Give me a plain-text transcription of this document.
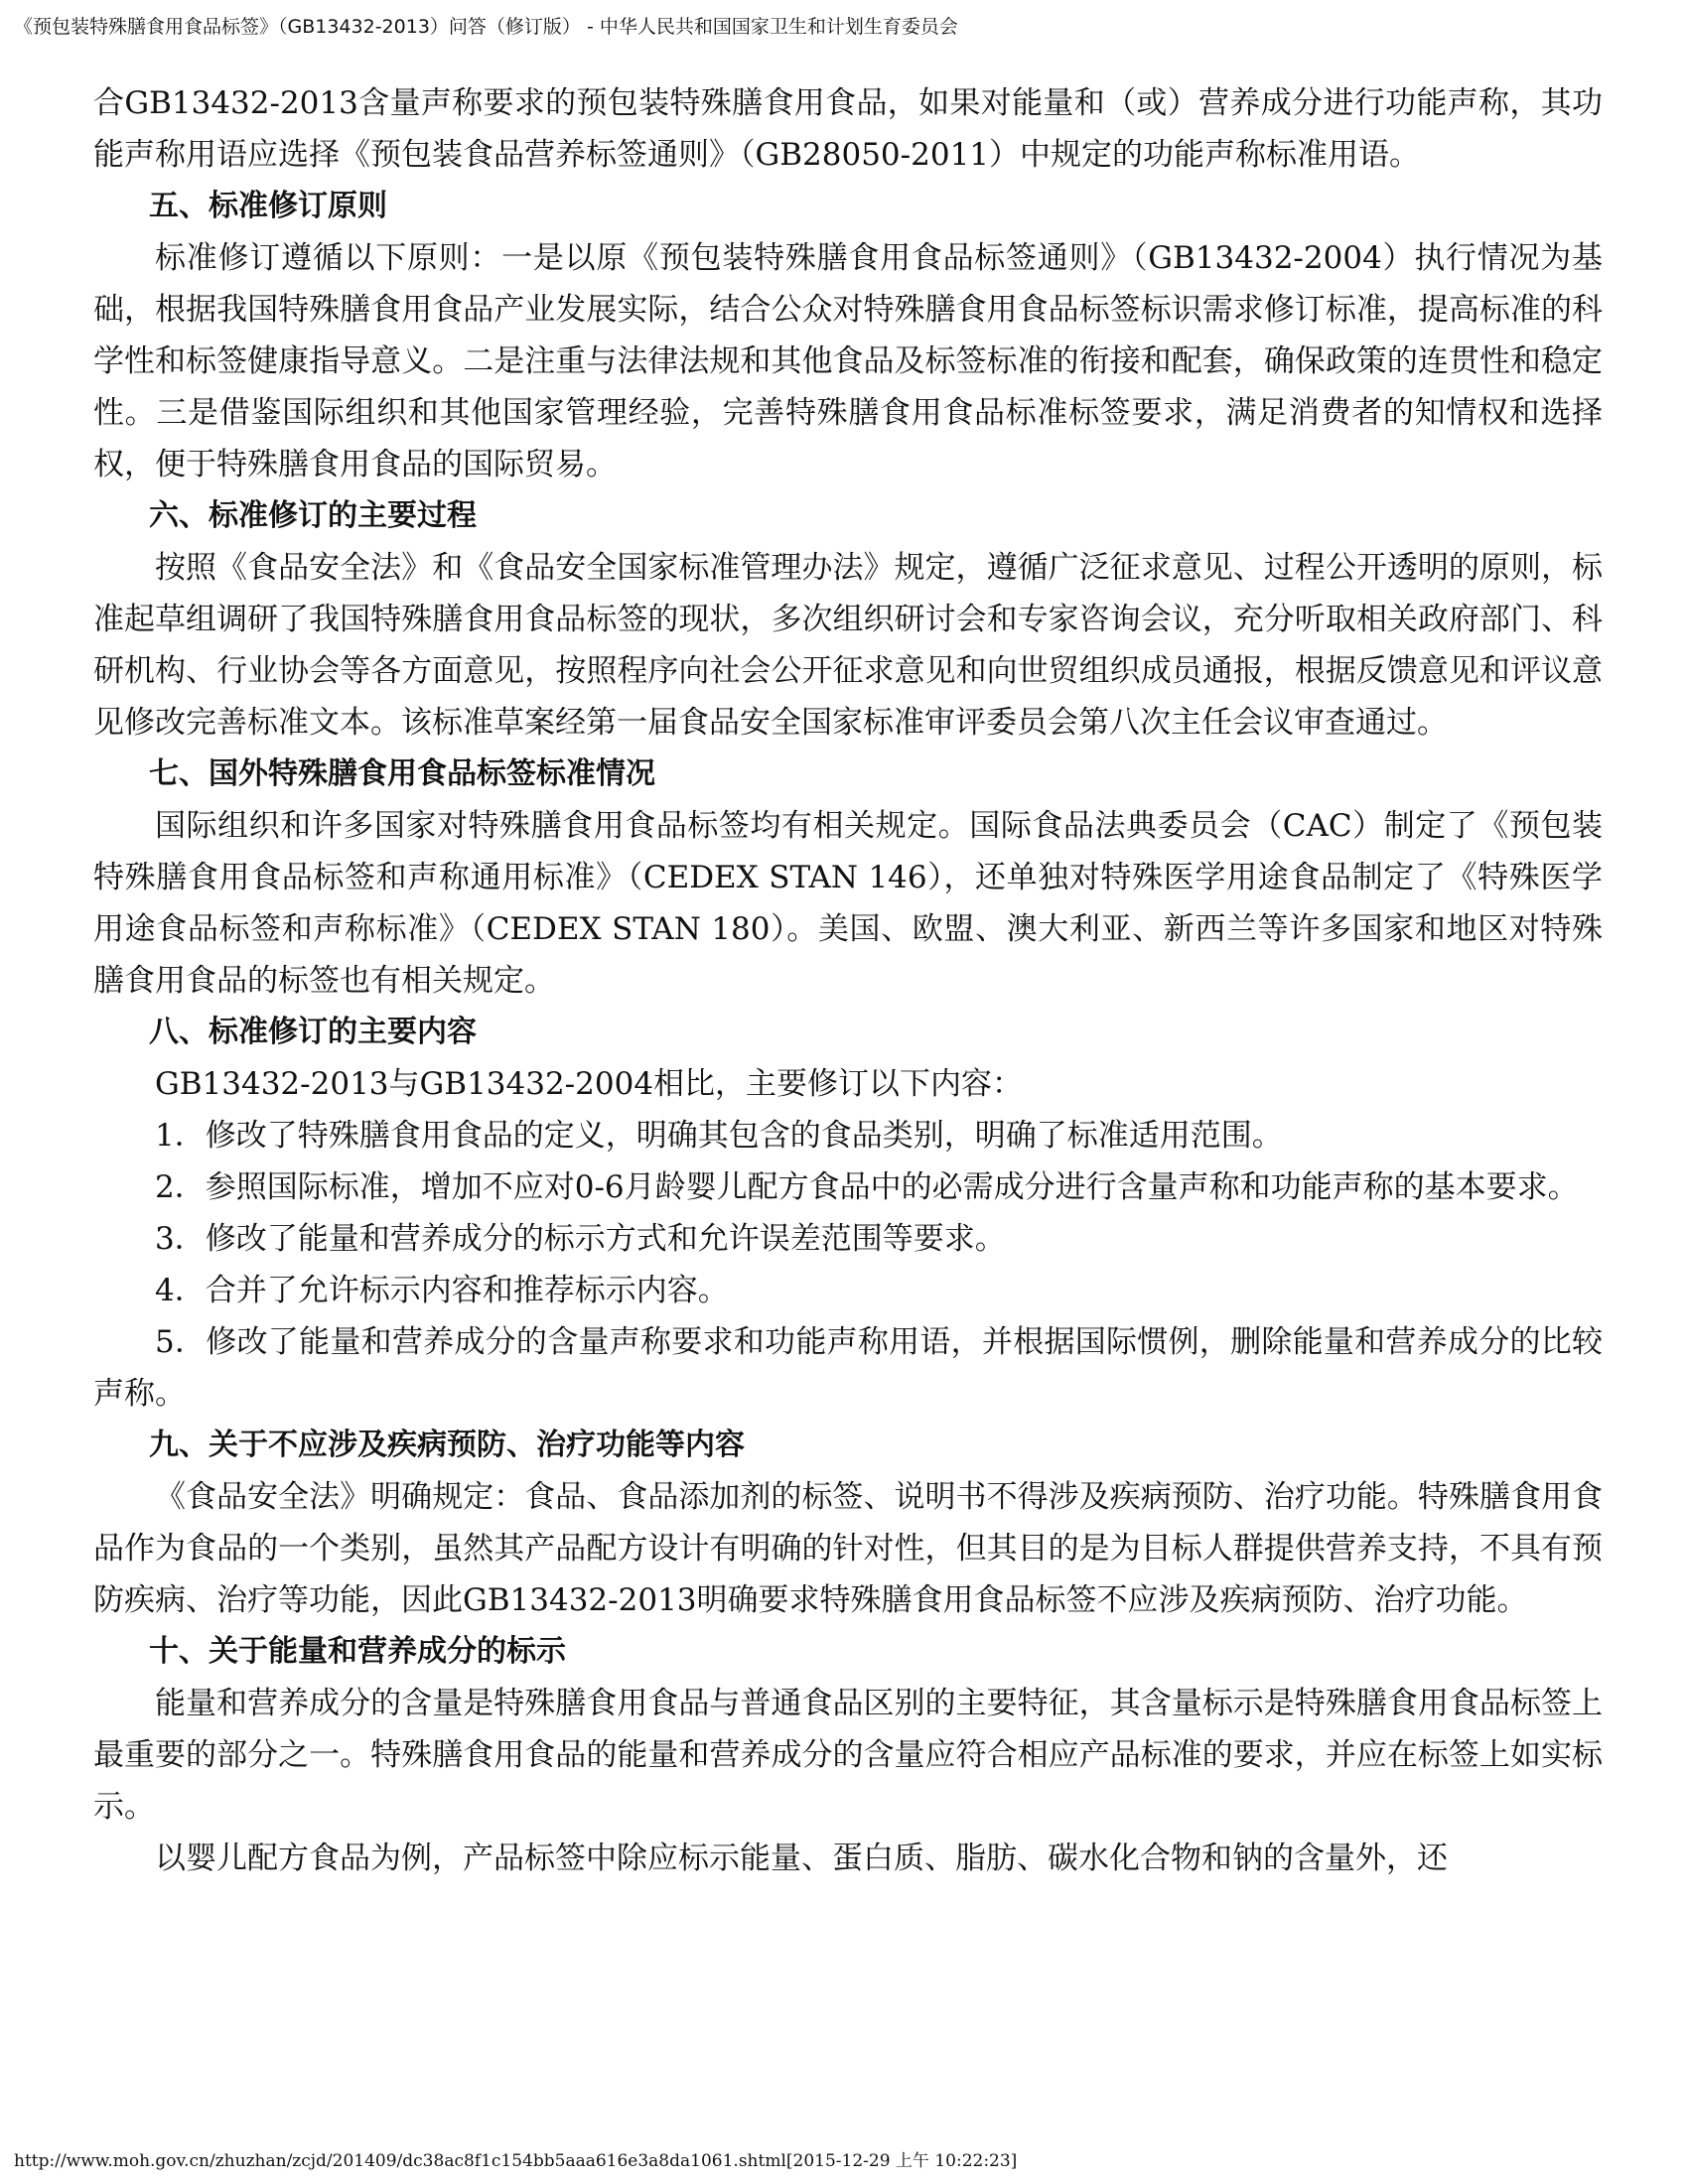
《预包装特殊膳食用食品标签》（GB13432-2013）问答（修订版） - 中华人民共和国国家卫生和计划生育委员会

合GB13432-2013含量声称要求的预包装特殊膳食用食品，如果对能量和（或）营养成分进行功能声称，其功能声称用语应选择《预包装食品营养标签通则》（GB28050-2011）中规定的功能声称标准用语。

五、标准修订原则

标准修订遵循以下原则：一是以原《预包装特殊膳食用食品标签通则》（GB13432-2004）执行情况为基础，根据我国特殊膳食用食品产业发展实际，结合公众对特殊膳食用食品标签标识需求修订标准，提高标准的科学性和标签健康指导意义。二是注重与法律法规和其他食品及标签标准的衔接和配套，确保政策的连贯性和稳定性。三是借鉴国际组织和其他国家管理经验，完善特殊膳食用食品标准标签要求，满足消费者的知情权和选择权，便于特殊膳食用食品的国际贸易。

六、标准修订的主要过程

按照《食品安全法》和《食品安全国家标准管理办法》规定，遵循广泛征求意见、过程公开透明的原则，标准起草组调研了我国特殊膳食用食品标签的现状，多次组织研讨会和专家咨询会议，充分听取相关政府部门、科研机构、行业协会等各方面意见，按照程序向社会公开征求意见和向世贸组织成员通报，根据反馈意见和评议意见修改完善标准文本。该标准草案经第一届食品安全国家标准审评委员会第八次主任会议审查通过。

七、国外特殊膳食用食品标签标准情况

国际组织和许多国家对特殊膳食用食品标签均有相关规定。国际食品法典委员会（CAC）制定了《预包装特殊膳食用食品标签和声称通用标准》（CEDEX STAN 146），还单独对特殊医学用途食品制定了《特殊医学用途食品标签和声称标准》（CEDEX STAN 180）。美国、欧盟、澳大利亚、新西兰等许多国家和地区对特殊膳食用食品的标签也有相关规定。

八、标准修订的主要内容

GB13432-2013与GB13432-2004相比，主要修订以下内容：

1．修改了特殊膳食用食品的定义，明确其包含的食品类别，明确了标准适用范围。

2．参照国际标准，增加不应对0-6月龄婴儿配方食品中的必需成分进行含量声称和功能声称的基本要求。

3．修改了能量和营养成分的标示方式和允许误差范围等要求。

4．合并了允许标示内容和推荐标示内容。

5．修改了能量和营养成分的含量声称要求和功能声称用语，并根据国际惯例，删除能量和营养成分的比较声称。

九、关于不应涉及疾病预防、治疗功能等内容

《食品安全法》明确规定：食品、食品添加剂的标签、说明书不得涉及疾病预防、治疗功能。特殊膳食用食品作为食品的一个类别，虽然其产品配方设计有明确的针对性，但其目的是为目标人群提供营养支持，不具有预防疾病、治疗等功能，因此GB13432-2013明确要求特殊膳食用食品标签不应涉及疾病预防、治疗功能。

十、关于能量和营养成分的标示

能量和营养成分的含量是特殊膳食用食品与普通食品区别的主要特征，其含量标示是特殊膳食用食品标签上最重要的部分之一。特殊膳食用食品的能量和营养成分的含量应符合相应产品标准的要求，并应在标签上如实标示。

以婴儿配方食品为例，产品标签中除应标示能量、蛋白质、脂肪、碳水化合物和钠的含量外，还

http://www.moh.gov.cn/zhuzhan/zcjd/201409/dc38ac8f1c154bb5aaa616e3a8da1061.shtml[2015-12-29 上午 10:22:23]
